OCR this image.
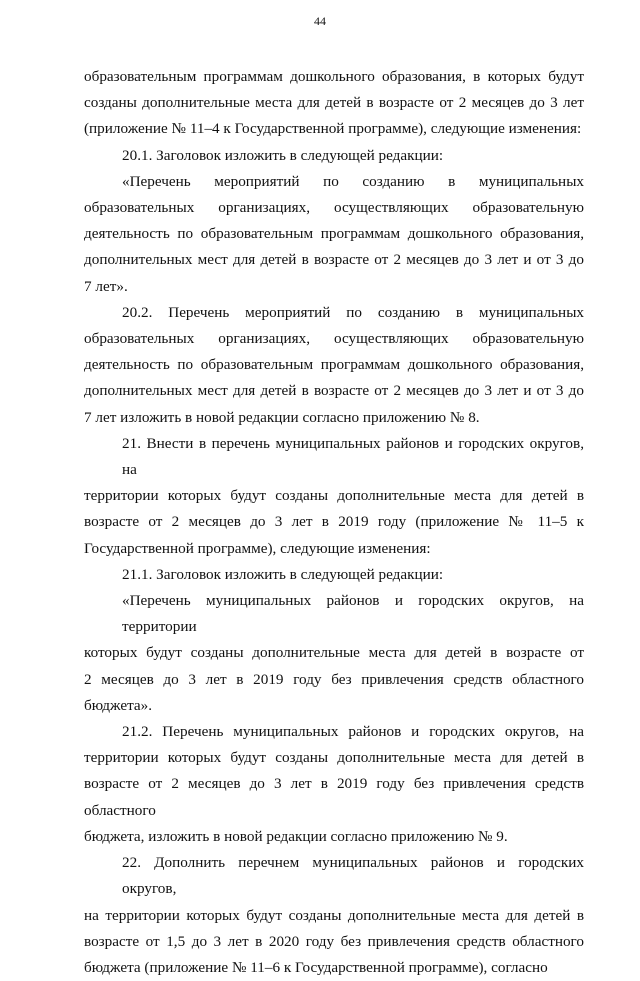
44
образовательным программам дошкольного образования, в которых будут
созданы дополнительные места для детей в возрасте от 2 месяцев до 3 лет
(приложение № 11–4 к Государственной программе), следующие изменения:
20.1. Заголовок изложить в следующей редакции:
«Перечень мероприятий по созданию в муниципальных
образовательных организациях, осуществляющих образовательную
деятельность по образовательным программам дошкольного образования,
дополнительных мест для детей в возрасте от 2 месяцев до 3 лет и от 3 до
7 лет».
20.2. Перечень мероприятий по созданию в муниципальных
образовательных организациях, осуществляющих образовательную
деятельность по образовательным программам дошкольного образования,
дополнительных мест для детей в возрасте от 2 месяцев до 3 лет и от 3 до
7 лет изложить в новой редакции согласно приложению № 8.
21. Внести в перечень муниципальных районов и городских округов, на
территории которых будут созданы дополнительные места для детей в
возрасте от 2 месяцев до 3 лет в 2019 году (приложение № 11–5 к
Государственной программе), следующие изменения:
21.1. Заголовок изложить в следующей редакции:
«Перечень муниципальных районов и городских округов, на территории
которых будут созданы дополнительные места для детей в возрасте от
2 месяцев до 3 лет в 2019 году без привлечения средств областного бюджета».
21.2. Перечень муниципальных районов и городских округов, на
территории которых будут созданы дополнительные места для детей в
возрасте от 2 месяцев до 3 лет в 2019 году без привлечения средств областного
бюджета, изложить в новой редакции согласно приложению № 9.
22. Дополнить перечнем муниципальных районов и городских округов,
на территории которых будут созданы дополнительные места для детей в
возрасте от 1,5 до 3 лет в 2020 году без привлечения средств областного
бюджета (приложение № 11–6 к Государственной программе), согласно
